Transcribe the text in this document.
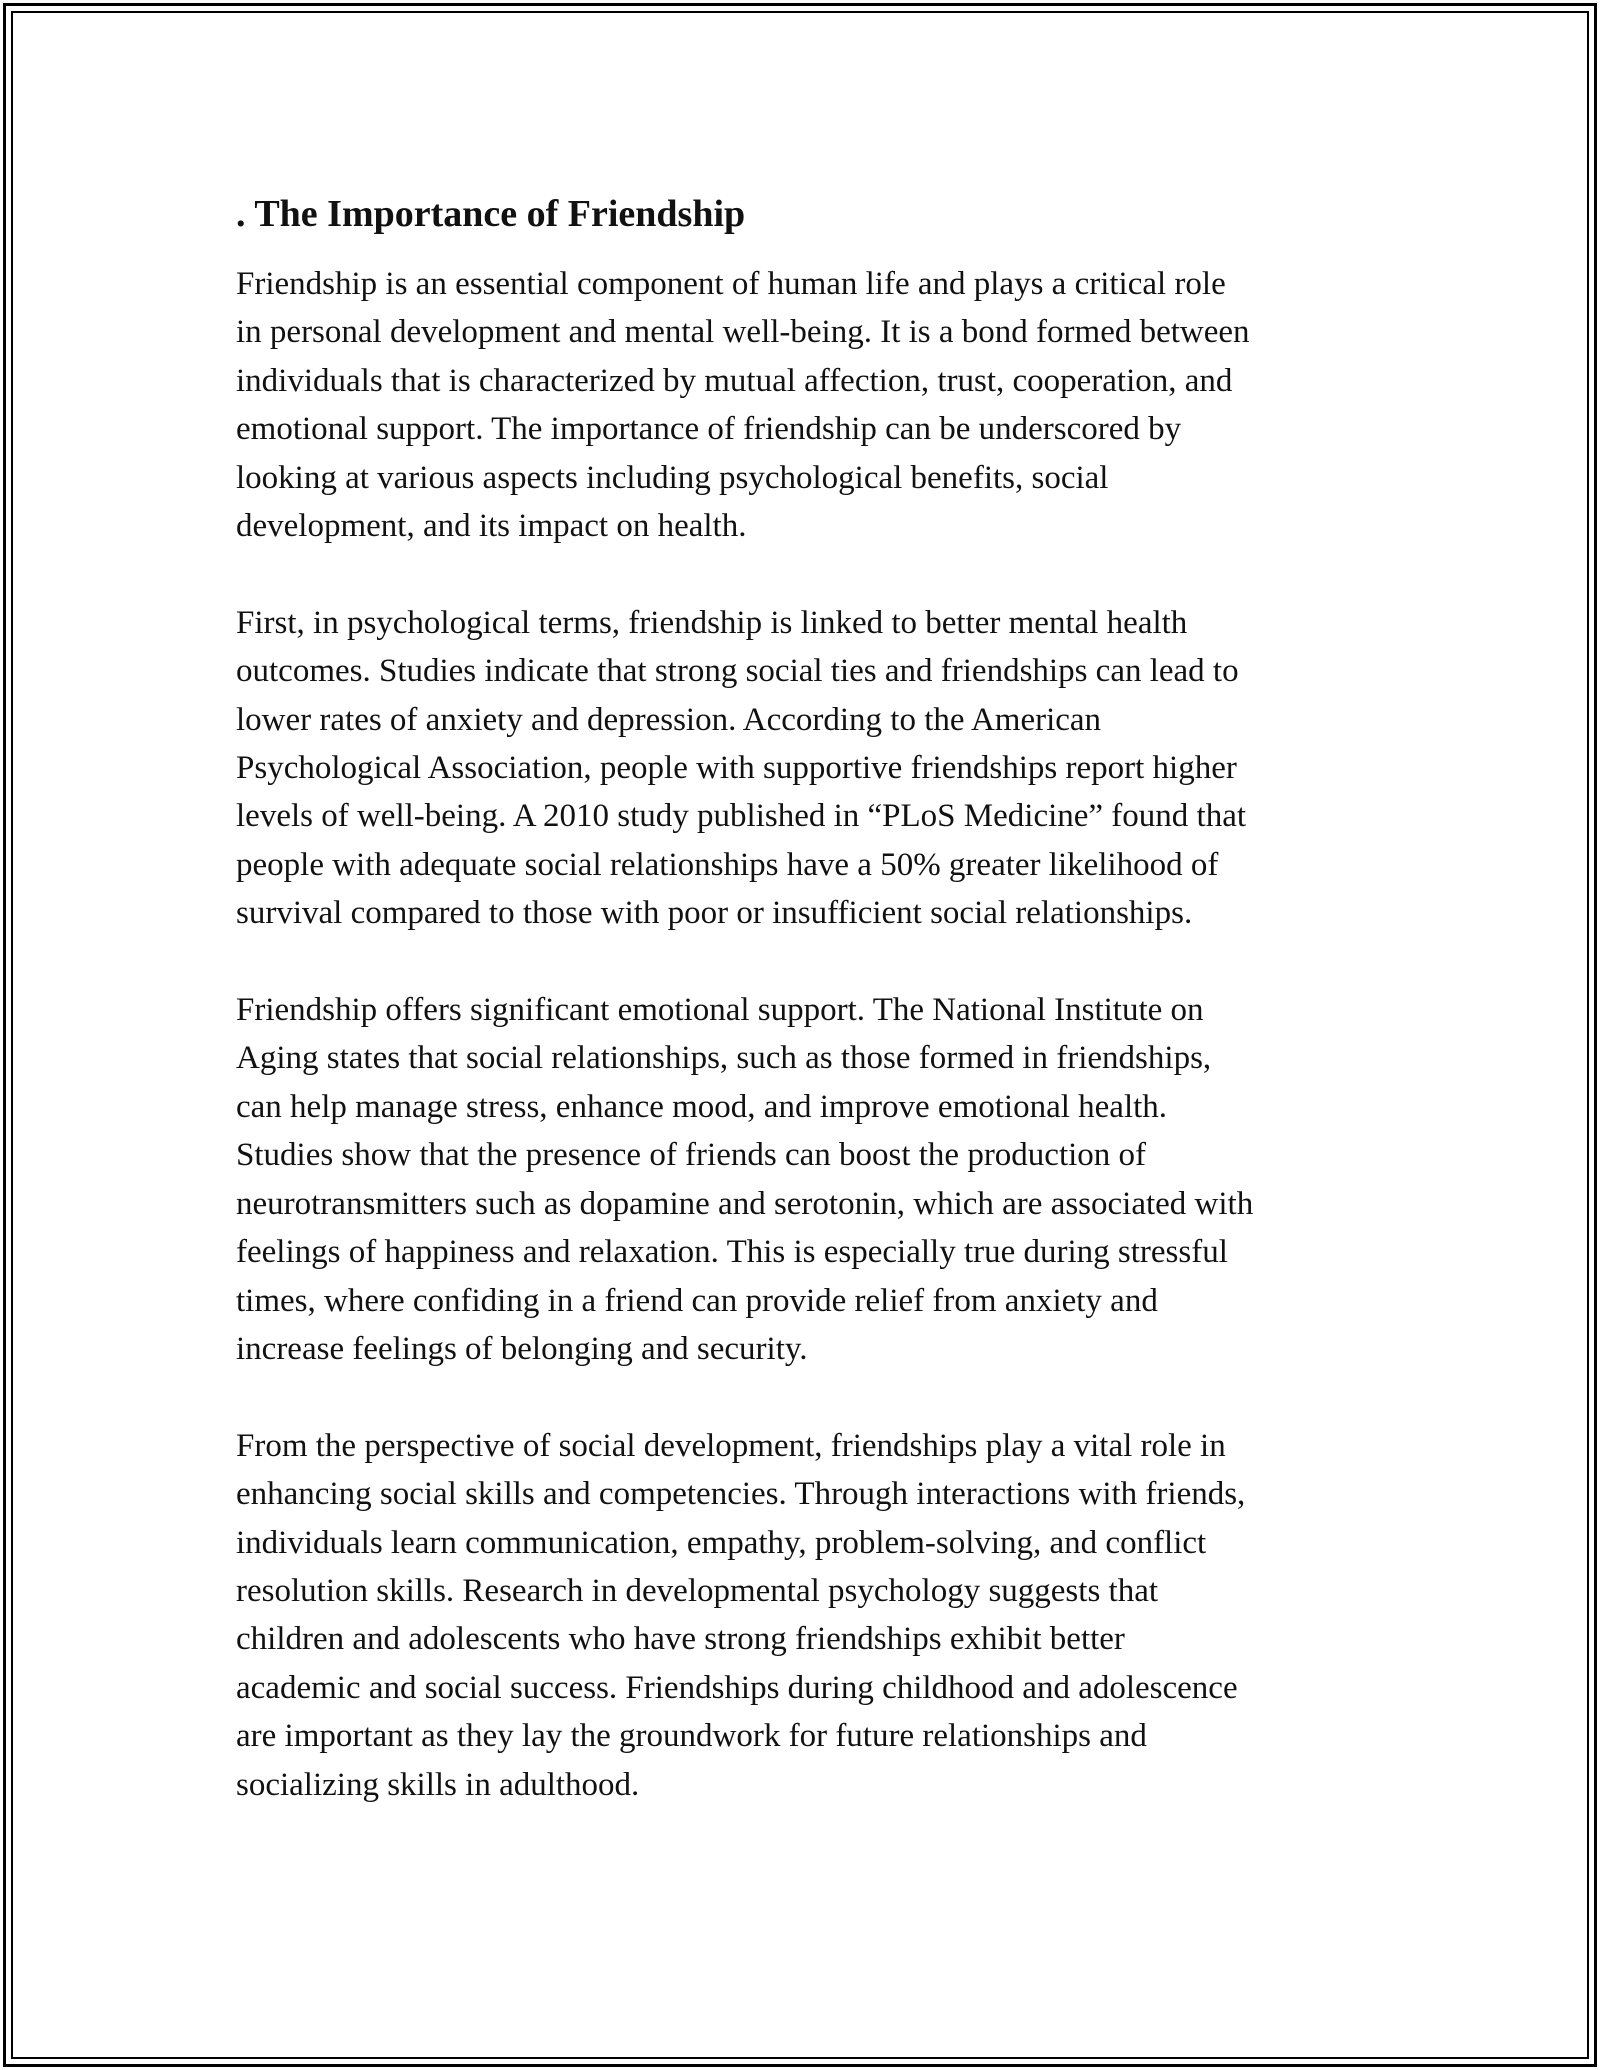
. The Importance of Friendship

Friendship is an essential component of human life and plays a critical role
in personal development and mental well-being. It is a bond formed between
individuals that is characterized by mutual affection, trust, cooperation, and
emotional support. The importance of friendship can be underscored by
looking at various aspects including psychological benefits, social
development, and its impact on health.

First, in psychological terms, friendship is linked to better mental health
outcomes. Studies indicate that strong social ties and friendships can lead to
lower rates of anxiety and depression. According to the American
Psychological Association, people with supportive friendships report higher
levels of well-being. A 2010 study published in “PLoS Medicine” found that
people with adequate social relationships have a 50% greater likelihood of
survival compared to those with poor or insufficient social relationships.

Friendship offers significant emotional support. The National Institute on
Aging states that social relationships, such as those formed in friendships,
can help manage stress, enhance mood, and improve emotional health.
Studies show that the presence of friends can boost the production of
neurotransmitters such as dopamine and serotonin, which are associated with
feelings of happiness and relaxation. This is especially true during stressful
times, where confiding in a friend can provide relief from anxiety and
increase feelings of belonging and security.

From the perspective of social development, friendships play a vital role in
enhancing social skills and competencies. Through interactions with friends,
individuals learn communication, empathy, problem-solving, and conflict
resolution skills. Research in developmental psychology suggests that
children and adolescents who have strong friendships exhibit better
academic and social success. Friendships during childhood and adolescence
are important as they lay the groundwork for future relationships and
socializing skills in adulthood.
